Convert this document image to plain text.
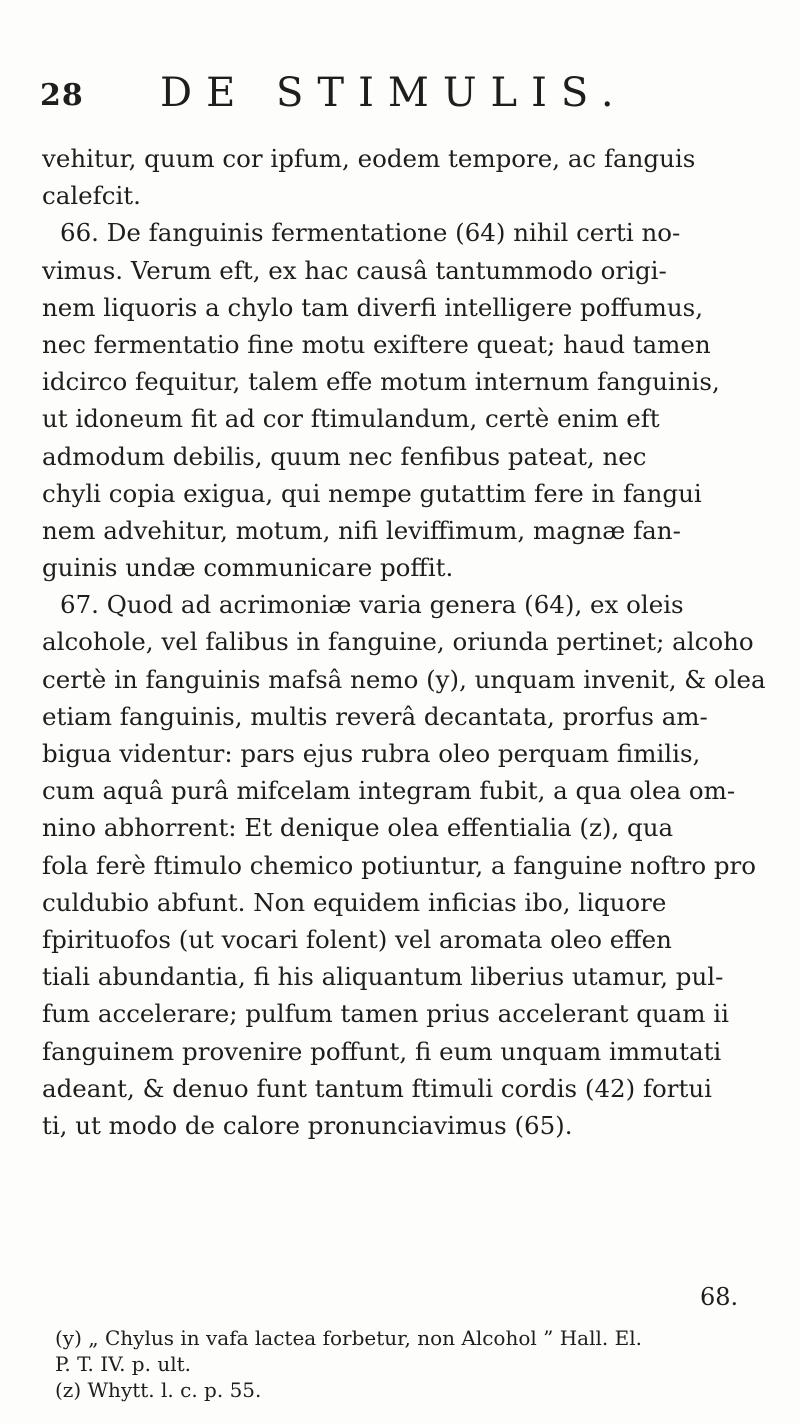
28 DE STIMULIS.
vehitur, quum cor ipfum, eodem tempore, ac fanguis
calefcit.
66. De fanguinis fermentatione (64) nihil certi no-
vimus. Verum eft, ex hac causâ tantummodo origi-
nem liquoris a chylo tam diverfi intelligere poffumus,
nec fermentatio fine motu exiftere queat; haud tamen
idcirco fequitur, talem effe motum internum fanguinis,
ut idoneum fit ad cor ftimulandum, certè enim eft
admodum debilis, quum nec fenfibus pateat, nec
chyli copia exigua, qui nempe gutattim fere in fangui
nem advehitur, motum, nifi leviffimum, magnæ fan-
guinis undæ communicare poffit.
67. Quod ad acrimoniæ varia genera (64), ex oleis
alcohole, vel falibus in fanguine, oriunda pertinet; alcoho
certè in fanguinis mafsâ nemo (y), unquam invenit, & olea
etiam fanguinis, multis reverâ decantata, prorfus am-
bigua videntur: pars ejus rubra oleo perquam fimilis,
cum aquâ purâ mifcelam integram fubit, a qua olea om-
nino abhorrent: Et denique olea effentialia (z), qua
fola ferè ftimulo chemico potiuntur, a fanguine noftro pro
culdubio abfunt. Non equidem inficias ibo, liquore
fpirituofos (ut vocari folent) vel aromata oleo effen
tiali abundantia, fi his aliquantum liberius utamur, pul-
fum accelerare; pulfum tamen prius accelerant quam ii
fanguinem provenire poffunt, fi eum unquam immutati
adeant, & denuo funt tantum ftimuli cordis (42) fortui
ti, ut modo de calore pronunciavimus (65).
68.
(y) „ Chylus in vafa lactea forbetur, non Alcohol ” Hall. El.
P. T. IV. p. ult.
(z) Whytt. l. c. p. 55.
